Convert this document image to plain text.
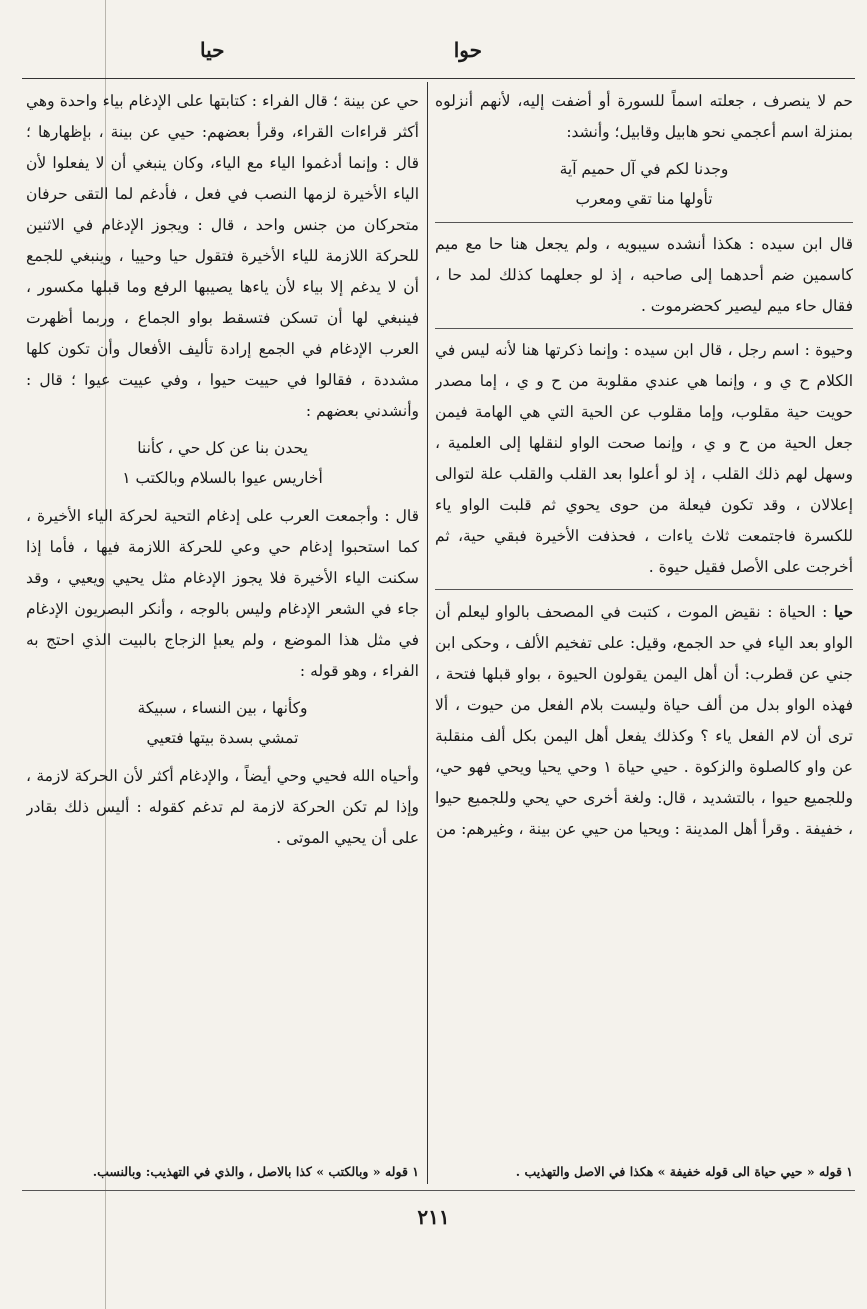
حوا
حيا

حم لا ينصرف ، جعلته اسماً للسورة أو أضفت إليه، لأنهم أنزلوه بمنزلة اسم أعجمي نحو هابيل وقابيل؛ وأنشد:

وجدنا لكم في آل حميم آية
تأولها منا تقي ومعرب

قال ابن سيده : هكذا أنشده سيبويه ، ولم يجعل هنا حا مع ميم كاسمين ضم أحدهما إلى صاحبه ، إذ لو جعلهما كذلك لمد حا ، فقال حاء ميم ليصير كحضرموت .

وحيوة : اسم رجل ، قال ابن سيده : وإنما ذكرتها هنا لأنه ليس في الكلام ح ي و ، وإنما هي عندي مقلوبة من ح و ي ، إما مصدر حويت حية مقلوب، وإما مقلوب عن الحية التي هي الهامة فيمن جعل الحية من ح و ي ، وإنما صحت الواو لنقلها إلى العلمية ، وسهل لهم ذلك القلب ، إذ لو أعلوا بعد القلب والقلب علة لتوالى إعلالان ، وقد تكون فيعلة من حوى يحوي ثم قلبت الواو ياء للكسرة فاجتمعت ثلاث ياءات ، فحذفت الأخيرة فبقي حية، ثم أخرجت على الأصل فقيل حيوة .

حيا : الحياة : نقيض الموت ، كتبت في المصحف بالواو ليعلم أن الواو بعد الياء في حد الجمع، وقيل: على تفخيم الألف ، وحكى ابن جني عن قطرب: أن أهل اليمن يقولون الحيوة ، بواو قبلها فتحة ، فهذه الواو بدل من ألف حياة وليست بلام الفعل من حيوت ، ألا ترى أن لام الفعل ياء ؟ وكذلك يفعل أهل اليمن بكل ألف منقلبة عن واو كالصلوة والزكوة . حيي حياة ١ وحي يحيا ويحي فهو حي، وللجميع حيوا ، بالتشديد ، قال: ولغة أخرى حي يحي وللجميع حيوا ، خفيفة . وقرأ أهل المدينة : ويحيا من حيي عن بينة ، وغيرهم: من

حي عن بينة ؛ قال الفراء : كتابتها على الإدغام بياء واحدة وهي أكثر قراءات القراء، وقرأ بعضهم: حيي عن بينة ، بإظهارها ؛ قال : وإنما أدغموا الياء مع الياء، وكان ينبغي أن لا يفعلوا لأن الياء الأخيرة لزمها النصب في فعل ، فأدغم لما التقى حرفان متحركان من جنس واحد ، قال : ويجوز الإدغام في الاثنين للحركة اللازمة للياء الأخيرة فتقول حيا وحييا ، وينبغي للجمع أن لا يدغم إلا بياء لأن ياءها يصيبها الرفع وما قبلها مكسور ، فينبغي لها أن تسكن فتسقط بواو الجماع ، وربما أظهرت العرب الإدغام في الجمع إرادة تأليف الأفعال وأن تكون كلها مشددة ، فقالوا في حييت حيوا ، وفي عييت عيوا ؛ قال : وأنشدني بعضهم :

يحدن بنا عن كل حي ، كأننا
أخاريس عيوا بالسلام وبالكتب ١

قال : وأجمعت العرب على إدغام التحية لحركة الياء الأخيرة ، كما استحبوا إدغام حي وعي للحركة اللازمة فيها ، فأما إذا سكنت الياء الأخيرة فلا يجوز الإدغام مثل يحيي ويعيي ، وقد جاء في الشعر الإدغام وليس بالوجه ، وأنكر البصريون الإدغام في مثل هذا الموضع ، ولم يعبإ الزجاج بالبيت الذي احتج به الفراء ، وهو قوله :

وكأنها ، بين النساء ، سبيكة
تمشي بسدة بيتها فتعيي

وأحياه الله فحيي وحي أيضاً ، والإدغام أكثر لأن الحركة لازمة ، وإذا لم تكن الحركة لازمة لم تدغم كقوله : أليس ذلك بقادر على أن يحيي الموتى .

١ قوله « حيي حياة الى قوله خفيفة » هكذا في الاصل والتهذيب .
١ قوله « وبالكتب » كذا بالاصل ، والذي في التهذيب: وبالنسب.
٢١١
